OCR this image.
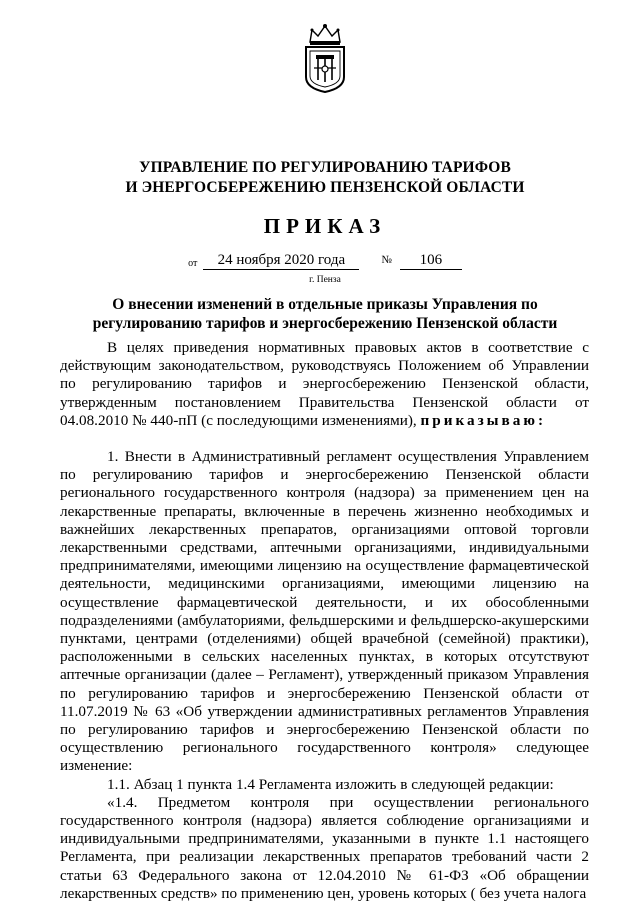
УПРАВЛЕНИЕ ПО РЕГУЛИРОВАНИЮ ТАРИФОВ
И ЭНЕРГОСБЕРЕЖЕНИЮ ПЕНЗЕНСКОЙ ОБЛАСТИ
ПРИКАЗ
от	24 ноября 2020 года	№	106
г. Пенза
О внесении изменений в отдельные приказы Управления по регулированию тарифов и энергосбережению Пензенской области

В целях приведения нормативных правовых актов в соответствие с действующим законодательством, руководствуясь Положением об Управлении по регулированию тарифов и энергосбережению Пензенской области, утвержденным постановлением Правительства Пензенской области от 04.08.2010 № 440-пП (с последующими изменениями), приказываю:

1. Внести в Административный регламент осуществления Управлением по регулированию тарифов и энергосбережению Пензенской области регионального государственного контроля (надзора) за применением цен на лекарственные препараты, включенные в перечень жизненно необходимых и важнейших лекарственных препаратов, организациями оптовой торговли лекарственными средствами, аптечными организациями, индивидуальными предпринимателями, имеющими лицензию на осуществление фармацевтической деятельности, медицинскими организациями, имеющими лицензию на осуществление фармацевтической деятельности, и их обособленными подразделениями (амбулаториями, фельдшерскими и фельдшерско-акушерскими пунктами, центрами (отделениями) общей врачебной (семейной) практики), расположенными в сельских населенных пунктах, в которых отсутствуют аптечные организации (далее – Регламент), утвержденный приказом Управления по регулированию тарифов и энергосбережению Пензенской области от 11.07.2019 № 63 «Об утверждении административных регламентов Управления по регулированию тарифов и энергосбережению Пензенской области по осуществлению регионального государственного контроля» следующее изменение:

1.1. Абзац 1 пункта 1.4 Регламента изложить в следующей редакции:

«1.4. Предметом контроля при осуществлении регионального государственного контроля (надзора) является соблюдение организациями и индивидуальными предпринимателями, указанными в пункте 1.1 настоящего Регламента, при реализации лекарственных препаратов требований части 2 статьи 63 Федерального закона от 12.04.2010 № 61-ФЗ «Об обращении лекарственных средств» по применению цен, уровень которых ( без учета налога
